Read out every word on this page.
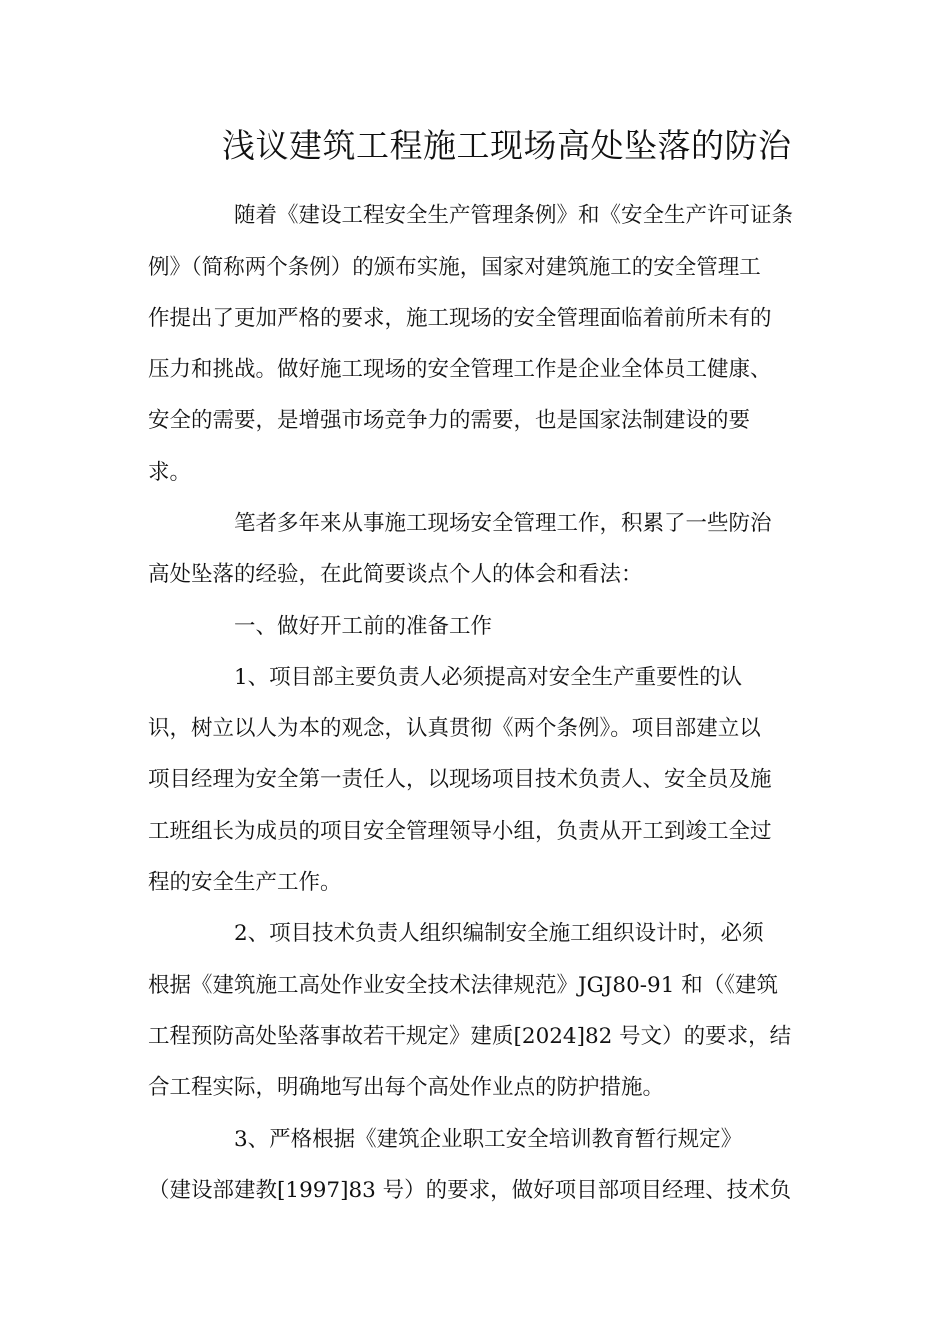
浅议建筑工程施工现场高处坠落的防治
随着《建设工程安全生产管理条例》和《安全生产许可证条
例》（简称两个条例）的颁布实施，国家对建筑施工的安全管理工
作提出了更加严格的要求，施工现场的安全管理面临着前所未有的
压力和挑战。做好施工现场的安全管理工作是企业全体员工健康、
安全的需要，是增强市场竞争力的需要，也是国家法制建设的要
求。
笔者多年来从事施工现场安全管理工作，积累了一些防治
高处坠落的经验，在此简要谈点个人的体会和看法：
一、做好开工前的准备工作
1、项目部主要负责人必须提高对安全生产重要性的认
识，树立以人为本的观念，认真贯彻《两个条例》。项目部建立以
项目经理为安全第一责任人，以现场项目技术负责人、安全员及施
工班组长为成员的项目安全管理领导小组，负责从开工到竣工全过
程的安全生产工作。
2、项目技术负责人组织编制安全施工组织设计时，必须
根据《建筑施工高处作业安全技术法律规范》JGJ80-91 和（《建筑
工程预防高处坠落事故若干规定》建质[2024]82 号文）的要求，结
合工程实际，明确地写出每个高处作业点的防护措施。
3、严格根据《建筑企业职工安全培训教育暂行规定》
（建设部建教[1997]83 号）的要求，做好项目部项目经理、技术负
